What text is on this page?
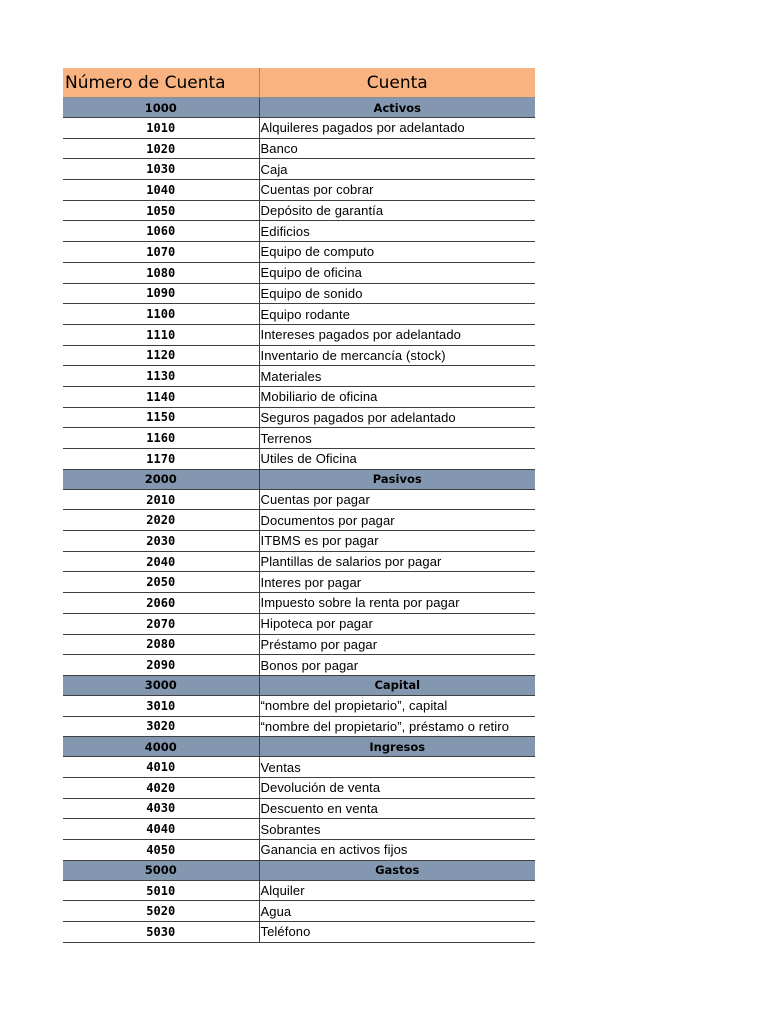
Número de Cuenta	Cuenta
1000	Activos
1010	Alquileres pagados por adelantado
1020	Banco
1030	Caja
1040	Cuentas por cobrar
1050	Depósito de garantía
1060	Edificios
1070	Equipo de computo
1080	Equipo de oficina
1090	Equipo de sonido
1100	Equipo rodante
1110	Intereses pagados por adelantado
1120	Inventario de mercancía (stock)
1130	Materiales
1140	Mobiliario de oficina
1150	Seguros pagados por adelantado
1160	Terrenos
1170	Utiles de Oficina
2000	Pasivos
2010	Cuentas por pagar
2020	Documentos por pagar
2030	ITBMS es por pagar
2040	Plantillas de salarios por pagar
2050	Interes por pagar
2060	Impuesto sobre la renta por pagar
2070	Hipoteca por pagar
2080	Préstamo por pagar
2090	Bonos por pagar
3000	Capital
3010	“nombre del propietario”, capital
3020	“nombre del propietario”, préstamo o retiro
4000	Ingresos
4010	Ventas
4020	Devolución de venta
4030	Descuento en venta
4040	Sobrantes
4050	Ganancia en activos fijos
5000	Gastos
5010	Alquiler
5020	Agua
5030	Teléfono
